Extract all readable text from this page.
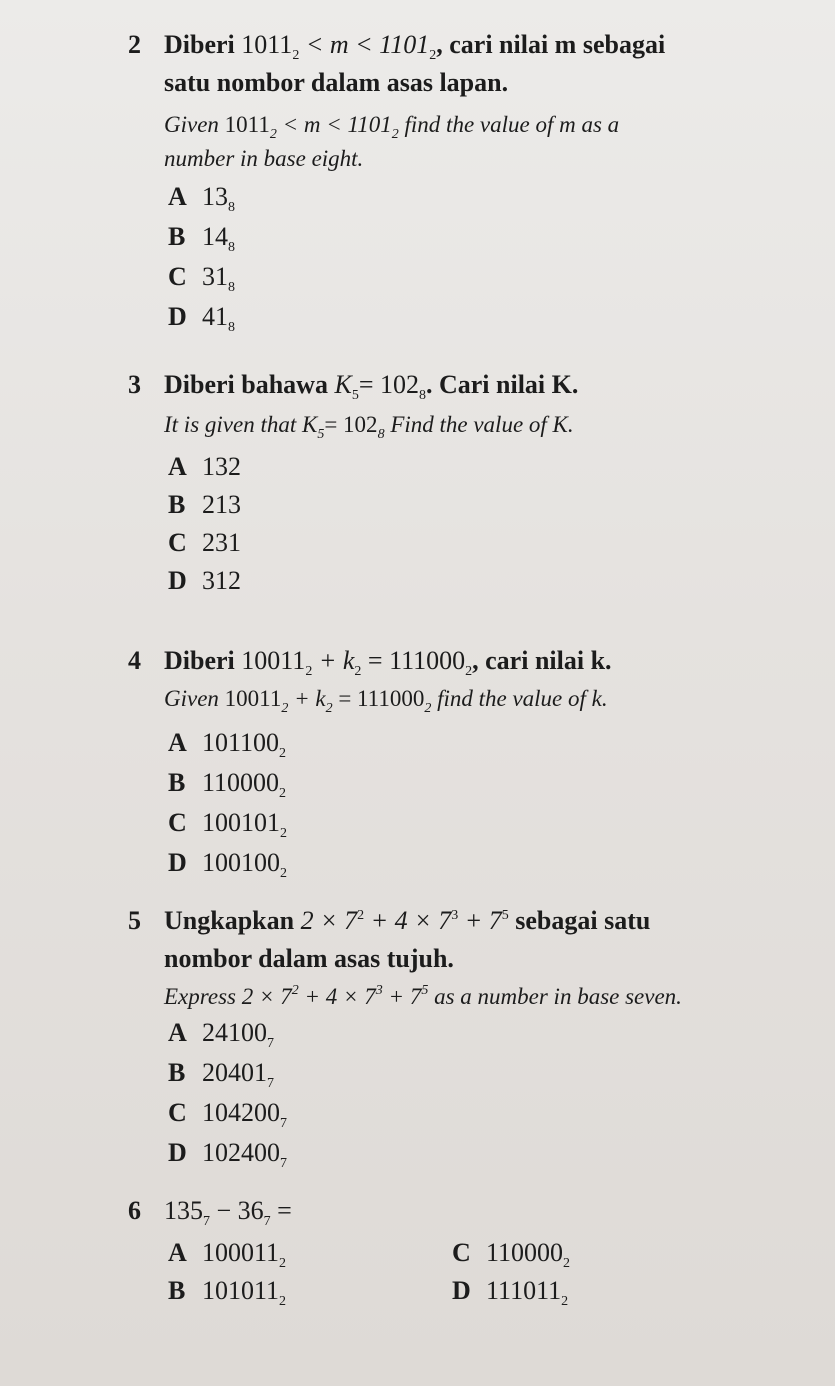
2 Diberi $1011_2 < m < 1101_2$, cari nilai m sebagai
satu nombor dalam asas lapan.
Given $1011_2 < m < 1101_2$ find the value of m as a
number in base eight.
A $13_8$
B $14_8$
C $31_8$
D $41_8$
3 Diberi bahawa $K_5= 102_8$. Cari nilai K.
It is given that $K_5= 102_8$ Find the value of K.
A 132
B 213
C 231
D 312
4 Diberi $10011_2 + k_2 = 111000_2$, cari nilai k.
Given $10011_2 + k_2 = 111000_2$ find the value of k.
A $101100_2$
B $110000_2$
C $100101_2$
D $100100_2$
5 Ungkapkan $2 \times 7^2 + 4 \times 7^3 + 7^5$ sebagai satu
nombor dalam asas tujuh.
Express $2 \times 7^2 + 4 \times 7^3 + 7^5$ as a number in base seven.
A $24100_7$
B $20401_7$
C $104200_7$
D $102400_7$
6 $135_7 - 36_7$ =
A $100011_2$
B $101011_2$
C $110000_2$
D $111011_2$
